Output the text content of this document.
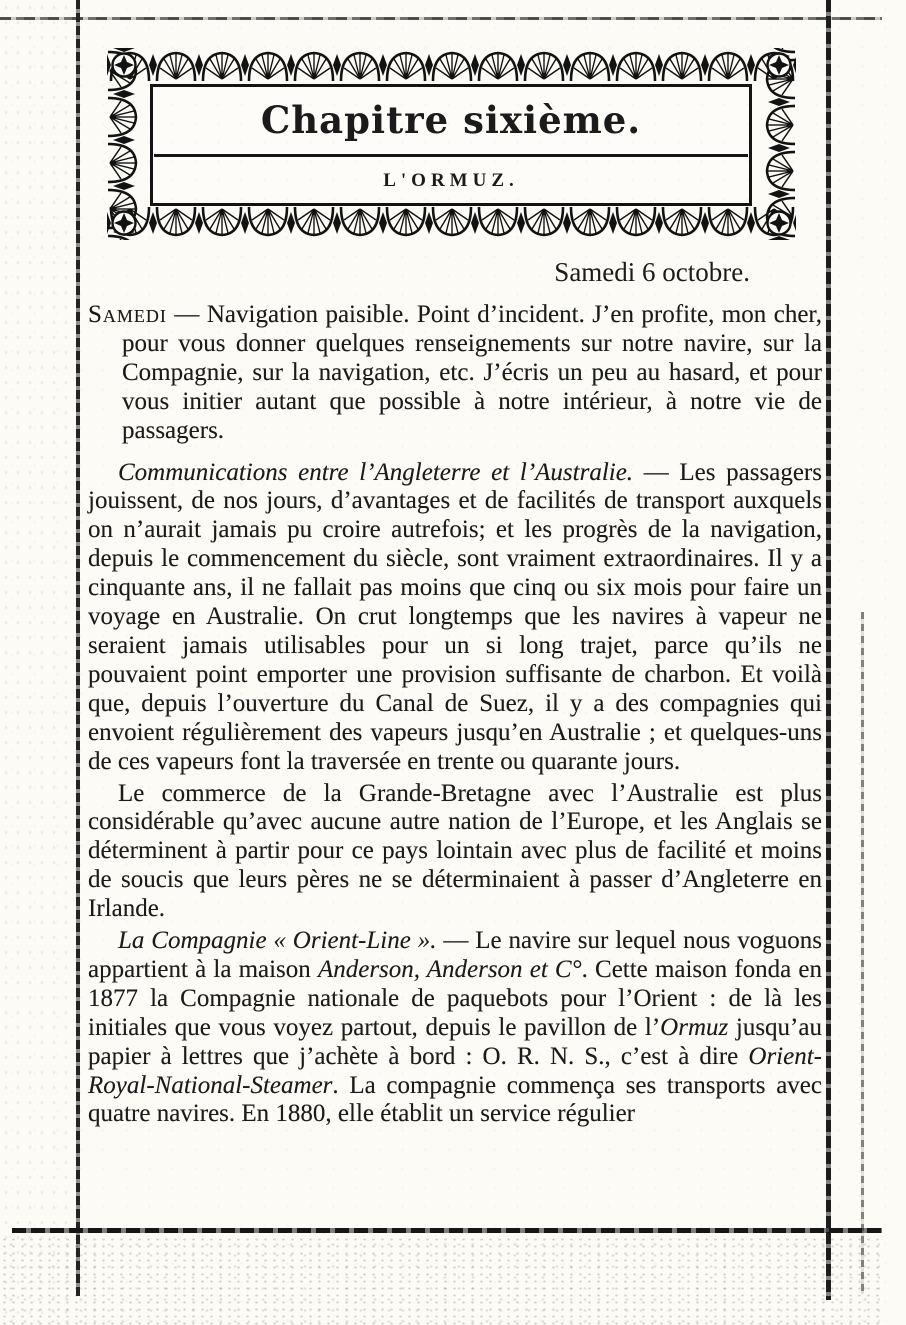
Chapitre sixième.
L'ORMUZ.
Samedi 6 octobre.

Samedi — Navigation paisible. Point d’incident. J’en profite, mon cher, pour vous donner quelques renseignements sur notre navire, sur la Compagnie, sur la navigation, etc. J’écris un peu au hasard, et pour vous initier autant que possible à notre intérieur, à notre vie de passagers.

Communications entre l’Angleterre et l’Australie. — Les passagers jouissent, de nos jours, d’avantages et de facilités de transport auxquels on n’aurait jamais pu croire autrefois; et les progrès de la navigation, depuis le commencement du siècle, sont vraiment extraordinaires. Il y a cinquante ans, il ne fallait pas moins que cinq ou six mois pour faire un voyage en Australie. On crut longtemps que les navires à vapeur ne seraient jamais utilisables pour un si long trajet, parce qu’ils ne pouvaient point emporter une provision suffisante de charbon. Et voilà que, depuis l’ouverture du Canal de Suez, il y a des compagnies qui envoient régulièrement des vapeurs jusqu’en Australie ; et quelques-uns de ces vapeurs font la traversée en trente ou quarante jours.

Le commerce de la Grande-Bretagne avec l’Australie est plus considérable qu’avec aucune autre nation de l’Europe, et les Anglais se déterminent à partir pour ce pays lointain avec plus de facilité et moins de soucis que leurs pères ne se déterminaient à passer d’Angleterre en Irlande.

La Compagnie « Orient-Line ». — Le navire sur lequel nous voguons appartient à la maison Anderson, Anderson et C°. Cette maison fonda en 1877 la Compagnie nationale de paquebots pour l’Orient : de là les initiales que vous voyez partout, depuis le pavillon de l’Ormuz jusqu’au papier à lettres que j’achète à bord : O. R. N. S., c’est à dire Orient-Royal-National-Steamer. La compagnie commença ses transports avec quatre navires. En 1880, elle établit un service régulier
